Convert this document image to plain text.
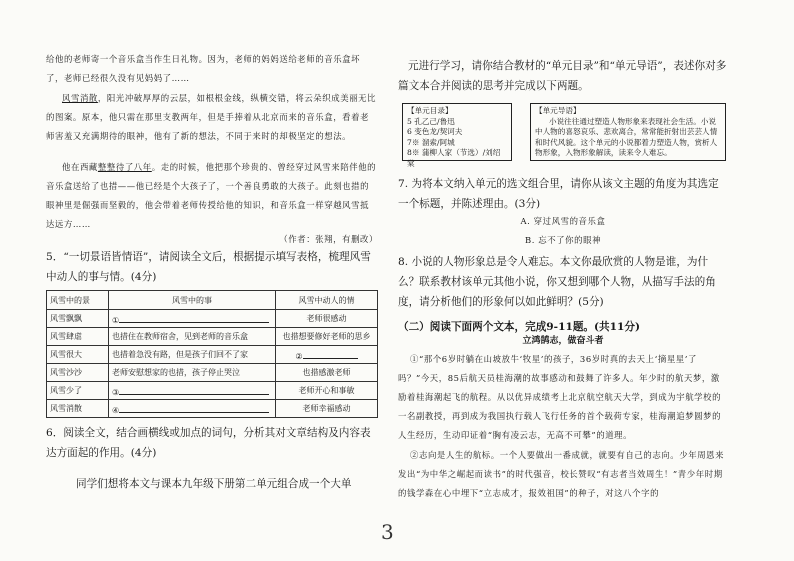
给他的老师寄一个音乐盒当作生日礼物。因为，老师的妈妈送给老师的音乐盒坏了，老师已经很久没有见妈妈了……

风雪消散，阳光冲破厚厚的云层，如根根金线，纵横交错，将云朵织成美丽无比的图案。原本，他只需在那里支教两年，但是手捧着从北京而来的音乐盒，看着老师害羞又充满期待的眼神，他有了新的想法，不同于来时的却极坚定的想法。

他在西藏整整待了八年。走的时候，他把那个珍贵的、曾经穿过风雪来陪伴他的音乐盒送给了也措——他已经是个大孩子了，一个善良勇敢的大孩子。此刻也措的眼神里是倔强而坚毅的，他会带着老师传授给他的知识，和音乐盒一样穿越风雪抵达远方……

（作者：张翔，有删改）

5．“一切景语皆情语”，请阅读全文后，根据提示填写表格，梳理风雪中动人的事与情。(4分)

风雪中的景	风雪中的事	风雪中动人的情
风雪飘飘	①	老师很感动
风雪肆虐	也措住在教师宿舍，见到老师的音乐盒	也措想要修好老师的思乡
风雪很大	也措着急没有路，但是孩子们回不了家	②
风雪沙沙	老师安慰想家的也措，孩子停止哭泣	也措感激老师
风雪少了	③	老师开心和事敏
风雪消散	④	老师幸福感动

6．阅读全文，结合画横线或加点的词句，分析其对文章结构及内容表达方面起的作用。(4分)

同学们想将本文与课本九年级下册第二单元组合成一个大单

元进行学习，请你结合教材的“单元目录”和“单元导语”，表述你对多篇文本合并阅读的思考并完成以下两题。

【单元目录】
5 孔乙己/鲁迅
6 变色龙/契诃夫
7※ 溜索/阿城
8※ 蒲柳人家（节选）/刘绍棠
【单元导语】
小说往往通过塑造人物形象来表现社会生活。小说中人物的喜怒哀乐、悲欢离合，常常能折射出芸芸人情和时代风貌。这个单元的小说都着力塑造人物，赏析人物形象，入物形象解读，读来令人难忘。

7. 为将本文纳入单元的选文组合里，请你从该文主题的角度为其选定一个标题，并陈述理由。(3分)

A. 穿过风雪的音乐盒

B. 忘不了你的眼神

8. 小说的人物形象总是令人难忘。本文你最欣赏的人物是谁，为什么？联系教材该单元其他小说，你又想到哪个人物，从描写手法的角度，请分析他们的形象何以如此鲜明？(5分)

（二）阅读下面两个文本，完成9-11题。(共11分)

立鸿鹄志，做奋斗者

①“那个6岁时躺在山坡放牛‘牧星’的孩子，36岁时真的去天上‘摘星星’了吗？”今天，85后航天员桂海潮的故事感动和鼓舞了许多人。年少时的航天梦，激励着桂海潮起飞的航程。从以优异成绩考上北京航空航天大学，到成为宇航学校的一名副教授，再到成为我国执行载人飞行任务的首个载荷专家，桂海潮追梦圆梦的人生经历，生动印证着“胸有凌云志，无高不可攀”的道理。

②志向是人生的航标。一个人要做出一番成就，就要有自己的志向。少年周恩来发出“为中华之崛起而读书”的时代强音，校长赞叹“有志者当效周生！”青少年时期的钱学森在心中埋下“立志成才，报效祖国”的种子，对这八个字的

3
